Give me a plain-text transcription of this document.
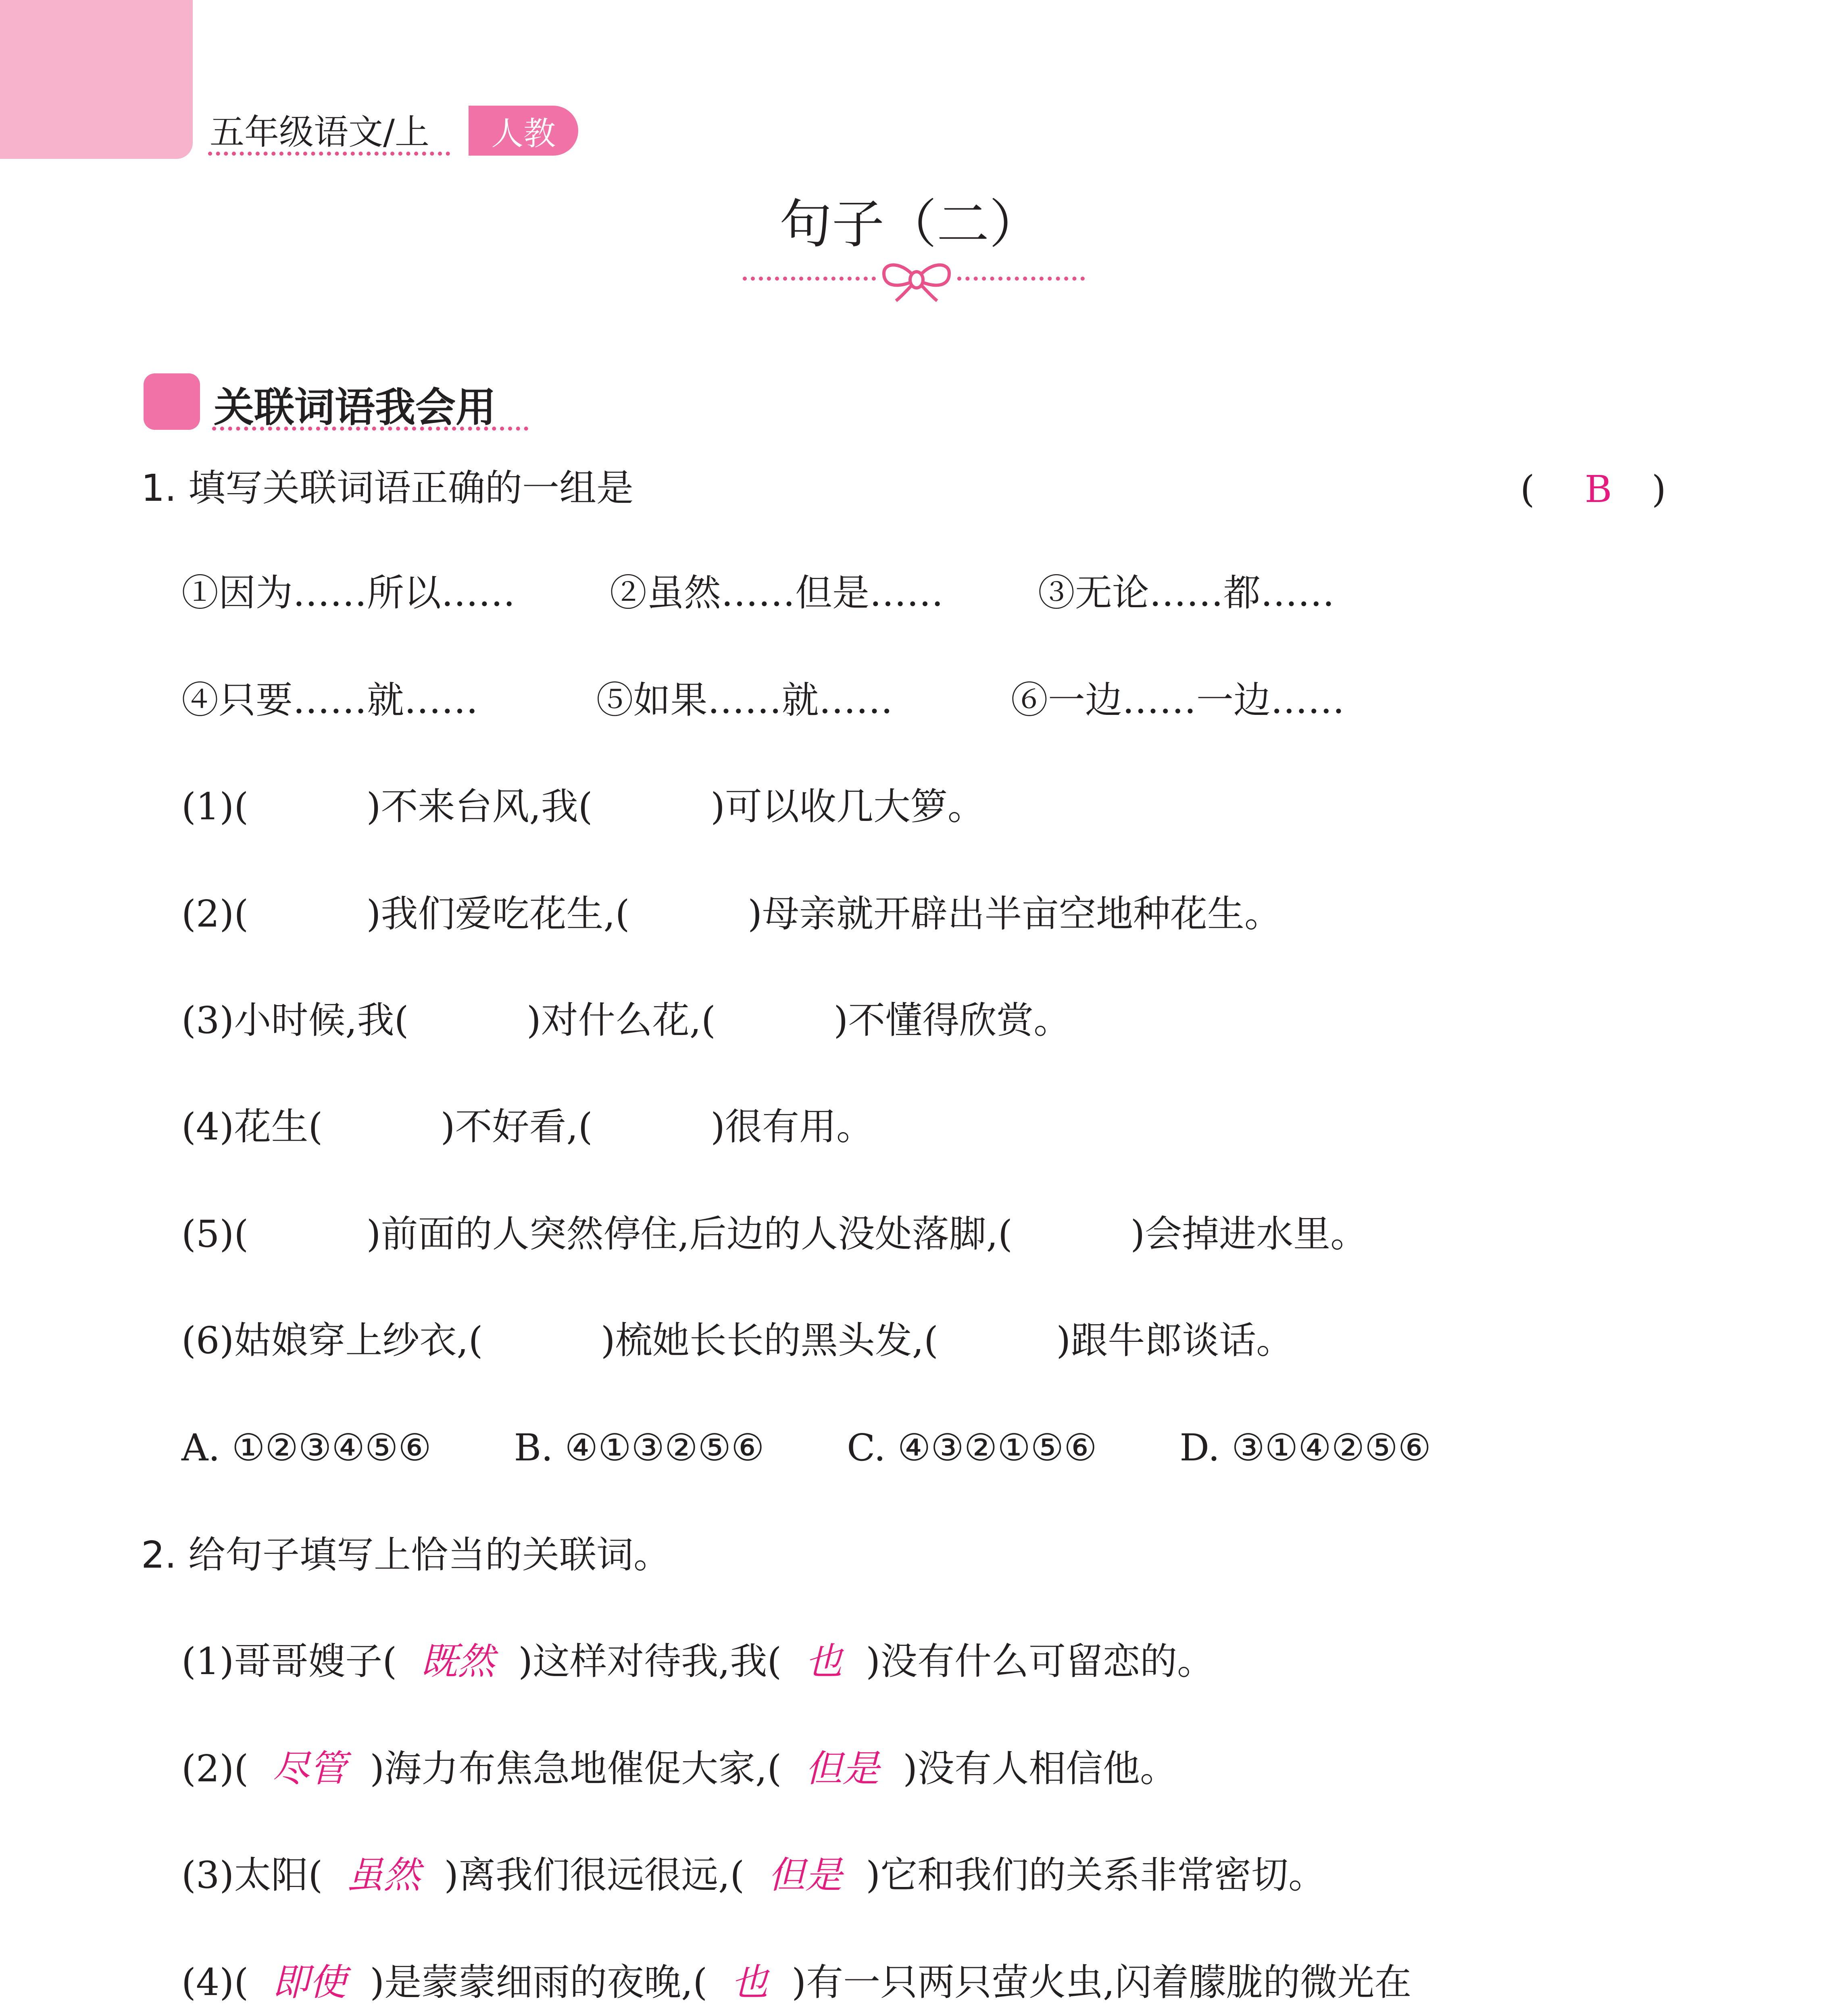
五年级语文/上	人教
句子（二）
关联词语我会用
1. 填写关联词语正确的一组是	( B )
①因为……所以……        ②虽然……但是……        ③无论……都……
④只要……就……          ⑤如果……就……          ⑥一边……一边……
(1)(          )不来台风,我(          )可以收几大箩。
(2)(          )我们爱吃花生,(          )母亲就开辟出半亩空地种花生。
(3)小时候,我(          )对什么花,(          )不懂得欣赏。
(4)花生(          )不好看,(          )很有用。
(5)(          )前面的人突然停住,后边的人没处落脚,(          )会掉进水里。
(6)姑娘穿上纱衣,(          )梳她长长的黑头发,(          )跟牛郎谈话。
A. ①②③④⑤⑥       B. ④①③②⑤⑥       C. ④③②①⑤⑥       D. ③①④②⑤⑥
2. 给句子填写上恰当的关联词。
(1)哥哥嫂子( 既然 )这样对待我,我( 也 )没有什么可留恋的。
(2)( 尽管 )海力布焦急地催促大家,( 但是 )没有人相信他。
(3)太阳( 虽然 )离我们很远很远,( 但是 )它和我们的关系非常密切。
(4)( 即使 )是蒙蒙细雨的夜晚,( 也 )有一只两只萤火虫,闪着朦胧的微光在
